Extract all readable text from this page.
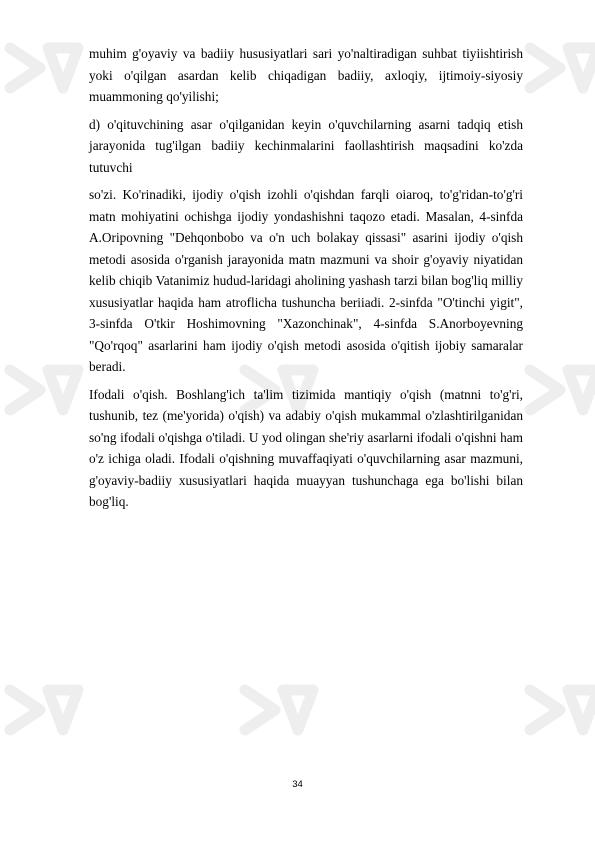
muhim g'oyaviy va badiiy hususiyatlari sari yo'naltiradigan suhbat tiyiishtirish yoki o'qilgan asardan kelib chiqadigan badiiy, axloqiy, ijtimoiy-siyosiy muammoning qo'yilishi;

d) o'qituvchining asar o'qilganidan keyin o'quvchilarning asarni tadqiq etish jarayonida tug'ilgan badiiy kechinmalarini faollashtirish maqsadini ko'zda tutuvchi

so'zi. Ko'rinadiki, ijodiy o'qish izohli o'qishdan farqli oiaroq, to'g'ridan-to'g'ri matn mohiyatini ochishga ijodiy yondashishni taqozo etadi. Masalan, 4-sinfda A.Oripovning "Dehqonbobo va o'n uch bolakay qissasi" asarini ijodiy o'qish metodi asosida o'rganish jarayonida matn mazmuni va shoir g'oyaviy niyatidan kelib chiqib Vatanimiz hudud-laridagi aholining yashash tarzi bilan bog'liq milliy xususiyatlar haqida ham atroflicha tushuncha beriiadi. 2-sinfda "O'tinchi yigit", 3-sinfda O'tkir Hoshimovning "Xazonchinak", 4-sinfda S.Anorboyevning "Qo'rqoq" asarlarini ham ijodiy o'qish metodi asosida o'qitish ijobiy samaralar beradi.

Ifodali o'qish. Boshlang'ich ta'lim tizimida mantiqiy o'qish (matnni to'g'ri, tushunib, tez (me'yorida) o'qish) va adabiy o'qish mukammal o'zlashtirilganidan so'ng ifodali o'qishga o'tiladi. U yod olingan she'riy asarlarni ifodali o'qishni ham o'z ichiga oladi. Ifodali o'qishning muvaffaqiyati o'quvchilarning asar mazmuni, g'oyaviy-badiiy xususiyatlari haqida muayyan tushunchaga ega bo'lishi bilan bog'liq.

34
